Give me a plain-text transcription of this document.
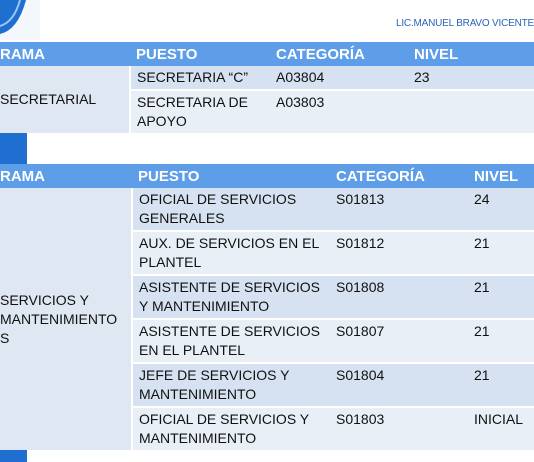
LIC.MANUEL BRAVO VICENTE
RAMA	PUESTO	CATEGORÍA	NIVEL
SECRETARIAL	SECRETARIA “C”	A03804	23
	SECRETARIA DE APOYO	A03803	
RAMA	PUESTO	CATEGORÍA	NIVEL
SERVICIOS Y MANTENIMIENTO S	OFICIAL DE SERVICIOS GENERALES	S01813	24
	AUX. DE SERVICIOS EN EL PLANTEL	S01812	21
	ASISTENTE DE SERVICIOS Y MANTENIMIENTO	S01808	21
	ASISTENTE DE SERVICIOS EN EL PLANTEL	S01807	21
	JEFE DE SERVICIOS Y MANTENIMIENTO	S01804	21
	OFICIAL DE SERVICIOS Y MANTENIMIENTO	S01803	INICIAL
